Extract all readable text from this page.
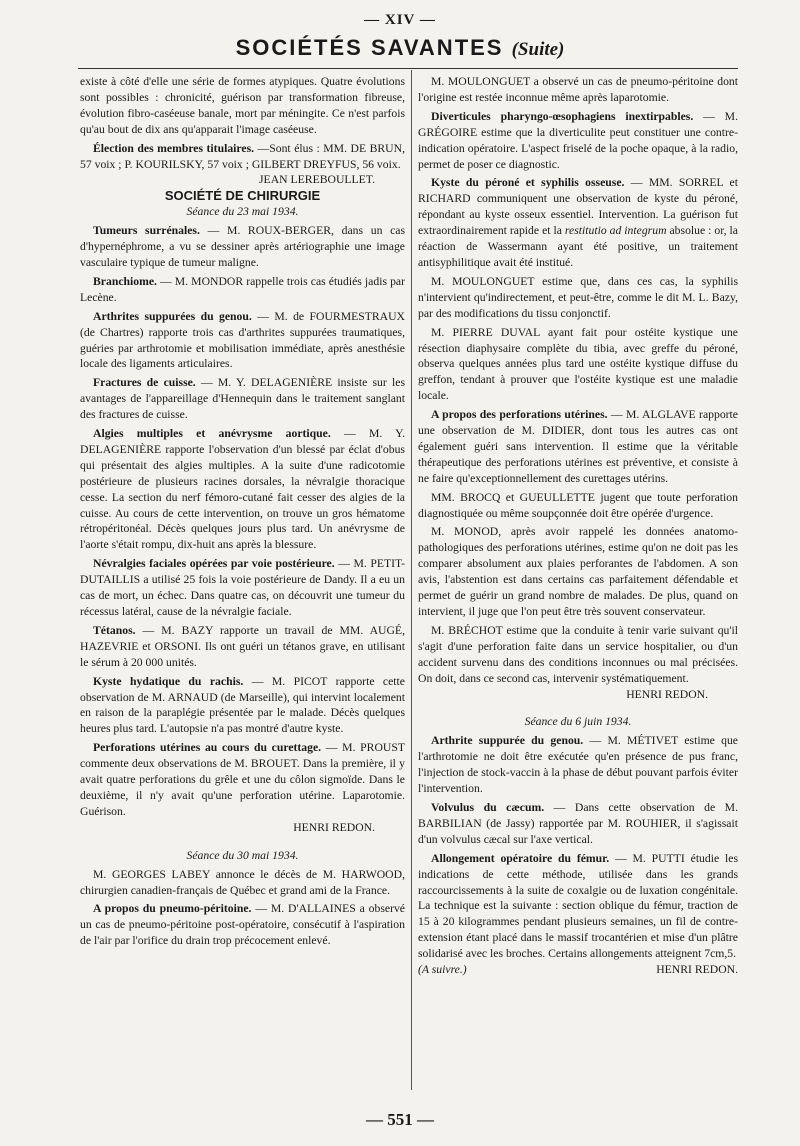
— XIV —
SOCIÉTÉS SAVANTES (Suite)

existe à côté d'elle une série de formes atypiques. Quatre évolutions sont possibles : chronicité, guérison par transformation fibreuse, évolution fibro-caséeuse banale, mort par méningite. Ce n'est parfois qu'au bout de dix ans qu'apparait l'image caséeuse.

Élection des membres titulaires. —Sont élus : MM. DE BRUN, 57 voix ; P. KOURILSKY, 57 voix ; GILBERT DREYFUS, 56 voix.

JEAN LEREBOULLET.

SOCIÉTÉ DE CHIRURGIE

Séance du 23 mai 1934.

Tumeurs surrénales. — M. ROUX-BERGER, dans un cas d'hypernéphrome, a vu se dessiner après artériographie une image vasculaire typique de tumeur maligne.

Branchiome. — M. MONDOR rappelle trois cas étudiés jadis par Lecène.

Arthrites suppurées du genou. — M. de FOURMESTRAUX (de Chartres) rapporte trois cas d'arthrites suppurées traumatiques, guéries par arthrotomie et mobilisation immédiate, après anesthésie locale des ligaments articulaires.

Fractures de cuisse. — M. Y. DELAGENIÈRE insiste sur les avantages de l'appareillage d'Hennequin dans le traitement sanglant des fractures de cuisse.

Algies multiples et anévrysme aortique. — M. Y. DELAGENIÈRE rapporte l'observation d'un blessé par éclat d'obus qui présentait des algies multiples. A la suite d'une radicotomie postérieure de plusieurs racines dorsales, la névralgie thoracique cesse. La section du nerf fémoro-cutané fait cesser des algies de la cuisse. Au cours de cette intervention, on trouve un gros hématome rétropéritonéal. Décès quelques jours plus tard. Un anévrysme de l'aorte s'était rompu, dix-huit ans après la blessure.

Névralgies faciales opérées par voie postérieure. — M. PETIT-DUTAILLIS a utilisé 25 fois la voie postérieure de Dandy. Il a eu un cas de mort, un échec. Dans quatre cas, on découvrit une tumeur du récessus latéral, cause de la névralgie faciale.

Tétanos. — M. BAZY rapporte un travail de MM. AUGÉ, HAZEVRIE et ORSONI. Ils ont guéri un tétanos grave, en utilisant le sérum à 20 000 unités.

Kyste hydatique du rachis. — M. PICOT rapporte cette observation de M. ARNAUD (de Marseille), qui intervint localement en raison de la paraplégie présentée par le malade. Décès quelques heures plus tard. L'autopsie n'a pas montré d'autre kyste.

Perforations utérines au cours du curettage. — M. PROUST commente deux observations de M. BROUET. Dans la première, il y avait quatre perforations du grêle et une du côlon sigmoïde. Dans le deuxième, il n'y avait qu'une perforation utérine. Laparotomie. Guérison.

HENRI REDON.

Séance du 30 mai 1934.

M. GEORGES LABEY annonce le décès de M. HARWOOD, chirurgien canadien-français de Québec et grand ami de la France.

A propos du pneumo-péritoine. — M. D'ALLAINES a observé un cas de pneumo-péritoine post-opératoire, consécutif à l'aspiration de l'air par l'orifice du drain trop précocement enlevé.

M. MOULONGUET a observé un cas de pneumo-péritoine dont l'origine est restée inconnue même après laparotomie.

Diverticules pharyngo-œsophagiens inextirpables. — M. GRÉGOIRE estime que la diverticulite peut constituer une contre-indication opératoire. L'aspect friselé de la poche opaque, à la radio, permet de poser ce diagnostic.

Kyste du péroné et syphilis osseuse. — MM. SORREL et RICHARD communiquent une observation de kyste du péroné, répondant au kyste osseux essentiel. Intervention. La guérison fut extraordinairement rapide et la restitutio ad integrum absolue : or, la réaction de Wassermann ayant été positive, un traitement antisyphilitique avait été institué.

M. MOULONGUET estime que, dans ces cas, la syphilis n'intervient qu'indirectement, et peut-être, comme le dit M. L. Bazy, par des modifications du tissu conjonctif.

M. PIERRE DUVAL ayant fait pour ostéite kystique une résection diaphysaire complète du tibia, avec greffe du péroné, observa quelques années plus tard une ostéite kystique diffuse du greffon, tendant à prouver que l'ostéite kystique est une maladie locale.

A propos des perforations utérines. — M. ALGLAVE rapporte une observation de M. DIDIER, dont tous les autres cas ont également guéri sans intervention. Il estime que la véritable thérapeutique des perforations utérines est préventive, et consiste à ne faire qu'exceptionnellement des curettages utérins.

MM. BROCQ et GUEULLETTE jugent que toute perforation diagnostiquée ou même soupçonnée doit être opérée d'urgence.

M. MONOD, après avoir rappelé les données anatomo-pathologiques des perforations utérines, estime qu'on ne doit pas les comparer absolument aux plaies perforantes de l'abdomen. A son avis, l'abstention est dans certains cas parfaitement défendable et permet de guérir un grand nombre de malades. De plus, quand on intervient, il juge que l'on peut être très souvent conservateur.

M. BRÉCHOT estime que la conduite à tenir varie suivant qu'il s'agit d'une perforation faite dans un service hospitalier, ou d'un accident survenu dans des conditions inconnues ou mal précisées. On doit, dans ce second cas, intervenir systématiquement.

HENRI REDON.

Séance du 6 juin 1934.

Arthrite suppurée du genou. — M. MÉTIVET estime que l'arthrotomie ne doit être exécutée qu'en présence de pus franc, l'injection de stock-vaccin à la phase de début pouvant parfois éviter l'intervention.

Volvulus du cæcum. — Dans cette observation de M. BARBILIAN (de Jassy) rapportée par M. ROUHIER, il s'agissait d'un volvulus cæcal sur l'axe vertical.

Allongement opératoire du fémur. — M. PUTTI étudie les indications de cette méthode, utilisée dans les grands raccourcissements à la suite de coxalgie ou de luxation congénitale. La technique est la suivante : section oblique du fémur, traction de 15 à 20 kilogrammes pendant plusieurs semaines, un fil de contre-extension étant placé dans le massif trocantérien et mise d'un plâtre solidarisé avec les broches. Certains allongements atteignent 7cm,5.

(A suivre.)	HENRI REDON.
— 551 —
